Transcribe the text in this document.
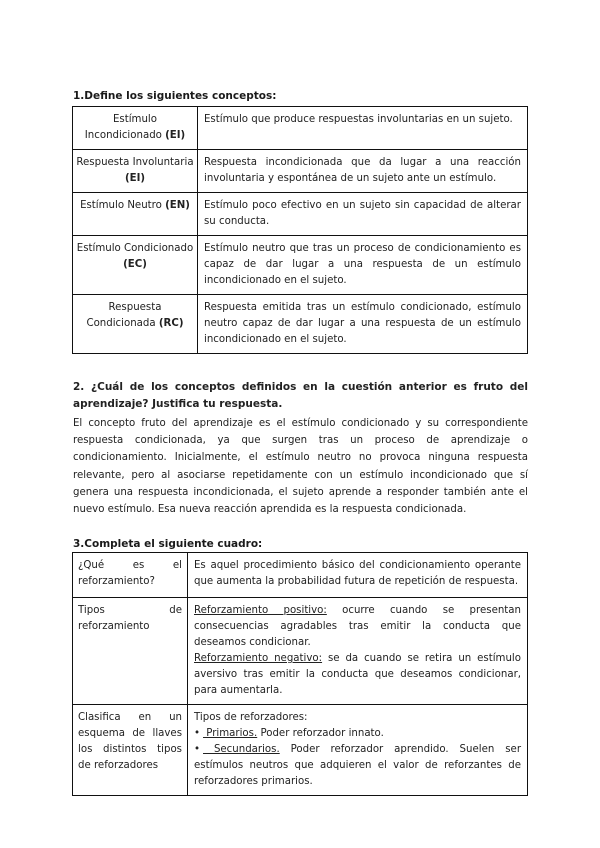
1.Define los siguientes conceptos:
Estímulo Incondicionado (EI)	Estímulo que produce respuestas involuntarias en un sujeto.
Respuesta Involuntaria (EI)	Respuesta incondicionada que da lugar a una reacción involuntaria y espontánea de un sujeto ante un estímulo.
Estímulo Neutro (EN)	Estímulo poco efectivo en un sujeto sin capacidad de alterar su conducta.
Estímulo Condicionado (EC)	Estímulo neutro que tras un proceso de condicionamiento es capaz de dar lugar a una respuesta de un estímulo incondicionado en el sujeto.
Respuesta Condicionada (RC)	Respuesta emitida tras un estímulo condicionado, estímulo neutro capaz de dar lugar a una respuesta de un estímulo incondicionado en el sujeto.
2. ¿Cuál de los conceptos definidos en la cuestión anterior es fruto del aprendizaje? Justifica tu respuesta.

El concepto fruto del aprendizaje es el estímulo condicionado y su correspondiente respuesta condicionada, ya que surgen tras un proceso de aprendizaje o condicionamiento. Inicialmente, el estímulo neutro no provoca ninguna respuesta relevante, pero al asociarse repetidamente con un estímulo incondicionado que sí genera una respuesta incondicionada, el sujeto aprende a responder también ante el nuevo estímulo. Esa nueva reacción aprendida es la respuesta condicionada.

3.Completa el siguiente cuadro:
¿Qué es el reforzamiento?	Es aquel procedimiento básico del condicionamiento operante que aumenta la probabilidad futura de repetición de respuesta.
Tipos de reforzamiento	Reforzamiento positivo: ocurre cuando se presentan consecuencias agradables tras emitir la conducta que deseamos condicionar.
Reforzamiento negativo: se da cuando se retira un estímulo aversivo tras emitir la conducta que deseamos condicionar, para aumentarla.

Clasifica en un esquema de llaves los distintos tipos de reforzadores	Tipos de reforzadores:
• Primarios. Poder reforzador innato.
• Secundarios. Poder reforzador aprendido. Suelen ser estímulos neutros que adquieren el valor de reforzantes de reforzadores primarios.
